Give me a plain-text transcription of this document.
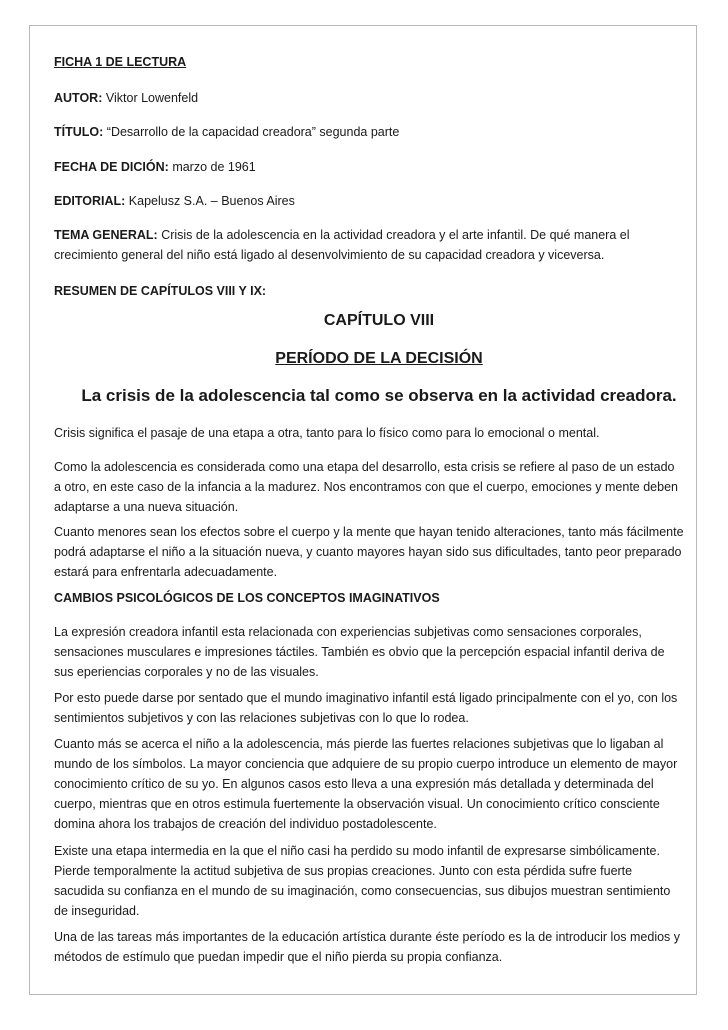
FICHA 1 DE LECTURA

AUTOR: Viktor Lowenfeld

TÍTULO: “Desarrollo de la capacidad creadora” segunda parte

FECHA DE DICIÓN: marzo de 1961

EDITORIAL: Kapelusz S.A. – Buenos Aires

TEMA GENERAL: Crisis de la adolescencia en la actividad creadora y el arte infantil. De qué manera el crecimiento general del niño está ligado al desenvolvimiento de su capacidad creadora y viceversa.

RESUMEN DE CAPÍTULOS VIII Y IX:

CAPÍTULO VIII
PERÍODO DE LA DECISIÓN
La crisis de la adolescencia tal como se observa en la actividad creadora.

Crisis significa el pasaje de una etapa a otra, tanto para lo físico como para lo emocional o mental.

Como la adolescencia es considerada como una etapa del desarrollo, esta crisis se refiere al paso de un estado a otro, en este caso de la infancia a la madurez. Nos encontramos con que el cuerpo, emociones y mente deben adaptarse a una nueva situación.

Cuanto menores sean los efectos sobre el cuerpo y la mente que hayan tenido alteraciones, tanto más fácilmente podrá adaptarse el niño a la situación nueva, y cuanto mayores hayan sido sus dificultades, tanto peor preparado estará para enfrentarla adecuadamente.

CAMBIOS PSICOLÓGICOS DE LOS CONCEPTOS IMAGINATIVOS

La expresión creadora infantil esta relacionada con experiencias subjetivas como sensaciones corporales, sensaciones musculares e impresiones táctiles. También es obvio que la percepción espacial infantil deriva de sus eperiencias corporales y no de las visuales.

Por esto puede darse por sentado que el mundo imaginativo infantil está ligado principalmente con el yo, con los sentimientos subjetivos y con las relaciones subjetivas con lo que lo rodea.

Cuanto más se acerca el niño a la adolescencia, más pierde las fuertes relaciones subjetivas que lo ligaban al mundo de los símbolos. La mayor conciencia que adquiere de su propio cuerpo introduce un elemento de mayor conocimiento crítico de su yo. En algunos casos esto lleva a una expresión más detallada y determinada del cuerpo, mientras que en otros estimula fuertemente la observación visual. Un conocimiento crítico consciente domina ahora los trabajos de creación del individuo postadolescente.

Existe una etapa intermedia en la que el niño casi ha perdido su modo infantil de expresarse simbólicamente. Pierde temporalmente la actitud subjetiva de sus propias creaciones. Junto con esta pérdida sufre fuerte sacudida su confianza en el mundo de su imaginación, como consecuencias, sus dibujos muestran sentimiento de inseguridad.

Una de las tareas más importantes de la educación artística durante éste período es la de introducir los medios y métodos de estímulo que puedan impedir que el niño pierda su propia confianza.
